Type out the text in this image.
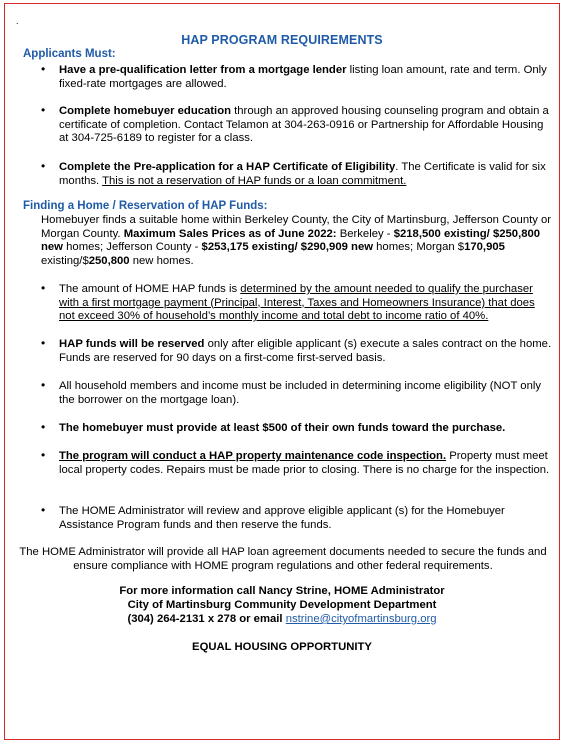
.
HAP PROGRAM REQUIREMENTS
Applicants Must:
• Have a pre-qualification letter from a mortgage lender listing loan amount, rate and term. Only fixed-rate mortgages are allowed.
• Complete homebuyer education through an approved housing counseling program and obtain a certificate of completion. Contact Telamon at 304-263-0916 or Partnership for Affordable Housing at 304-725-6189 to register for a class.
• Complete the Pre-application for a HAP Certificate of Eligibility. The Certificate is valid for six months. This is not a reservation of HAP funds or a loan commitment.
Finding a Home / Reservation of HAP Funds:
Homebuyer finds a suitable home within Berkeley County, the City of Martinsburg, Jefferson County or Morgan County. Maximum Sales Prices as of June 2022: Berkeley - $218,500 existing/ $250,800 new homes; Jefferson County - $253,175 existing/ $290,909 new homes; Morgan $170,905 existing/$250,800 new homes.
• The amount of HOME HAP funds is determined by the amount needed to qualify the purchaser with a first mortgage payment (Principal, Interest, Taxes and Homeowners Insurance) that does not exceed 30% of household’s monthly income and total debt to income ratio of 40%.
• HAP funds will be reserved only after eligible applicant (s) execute a sales contract on the home. Funds are reserved for 90 days on a first-come first-served basis.
• All household members and income must be included in determining income eligibility (NOT only the borrower on the mortgage loan).
• The homebuyer must provide at least $500 of their own funds toward the purchase.
• The program will conduct a HAP property maintenance code inspection. Property must meet local property codes. Repairs must be made prior to closing. There is no charge for the inspection.
• The HOME Administrator will review and approve eligible applicant (s) for the Homebuyer Assistance Program funds and then reserve the funds.
The HOME Administrator will provide all HAP loan agreement documents needed to secure the funds and ensure compliance with HOME program regulations and other federal requirements.
For more information call Nancy Strine, HOME Administrator
City of Martinsburg Community Development Department
(304) 264-2131 x 278 or email nstrine@cityofmartinsburg.org
EQUAL HOUSING OPPORTUNITY
